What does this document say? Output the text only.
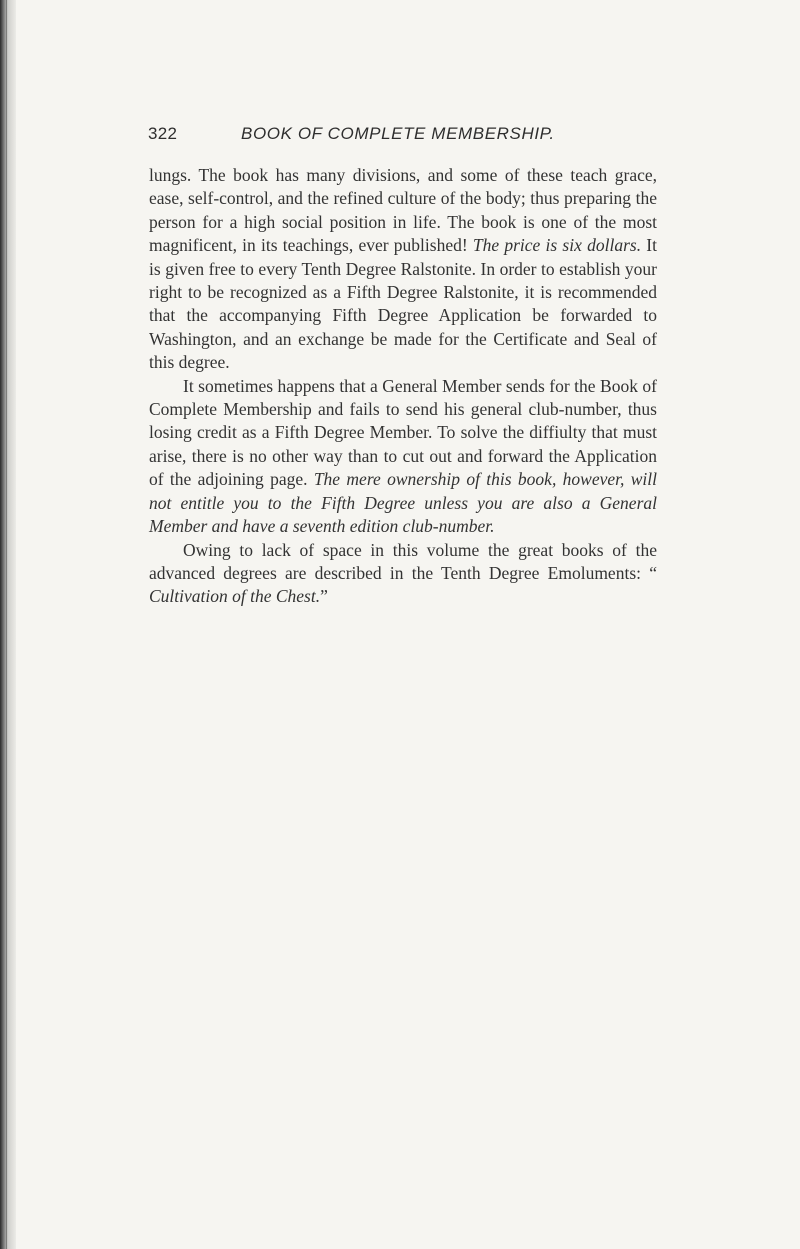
322	BOOK OF COMPLETE MEMBERSHIP.

lungs. The book has many divisions, and some of these teach grace, ease, self-control, and the refined culture of the body; thus preparing the person for a high social position in life. The book is one of the most magnificent, in its teachings, ever published! The price is six dollars. It is given free to every Tenth Degree Ralstonite. In order to establish your right to be recognized as a Fifth Degree Ralstonite, it is recommended that the accompanying Fifth Degree Application be forwarded to Washington, and an exchange be made for the Certificate and Seal of this degree.

It sometimes happens that a General Member sends for the Book of Complete Membership and fails to send his general club-number, thus losing credit as a Fifth Degree Member. To solve the diffiulty that must arise, there is no other way than to cut out and forward the Application of the adjoining page. The mere ownership of this book, however, will not entitle you to the Fifth Degree unless you are also a General Member and have a seventh edition club-number.

Owing to lack of space in this volume the great books of the advanced degrees are described in the Tenth Degree Emoluments: “ Cultivation of the Chest.”
